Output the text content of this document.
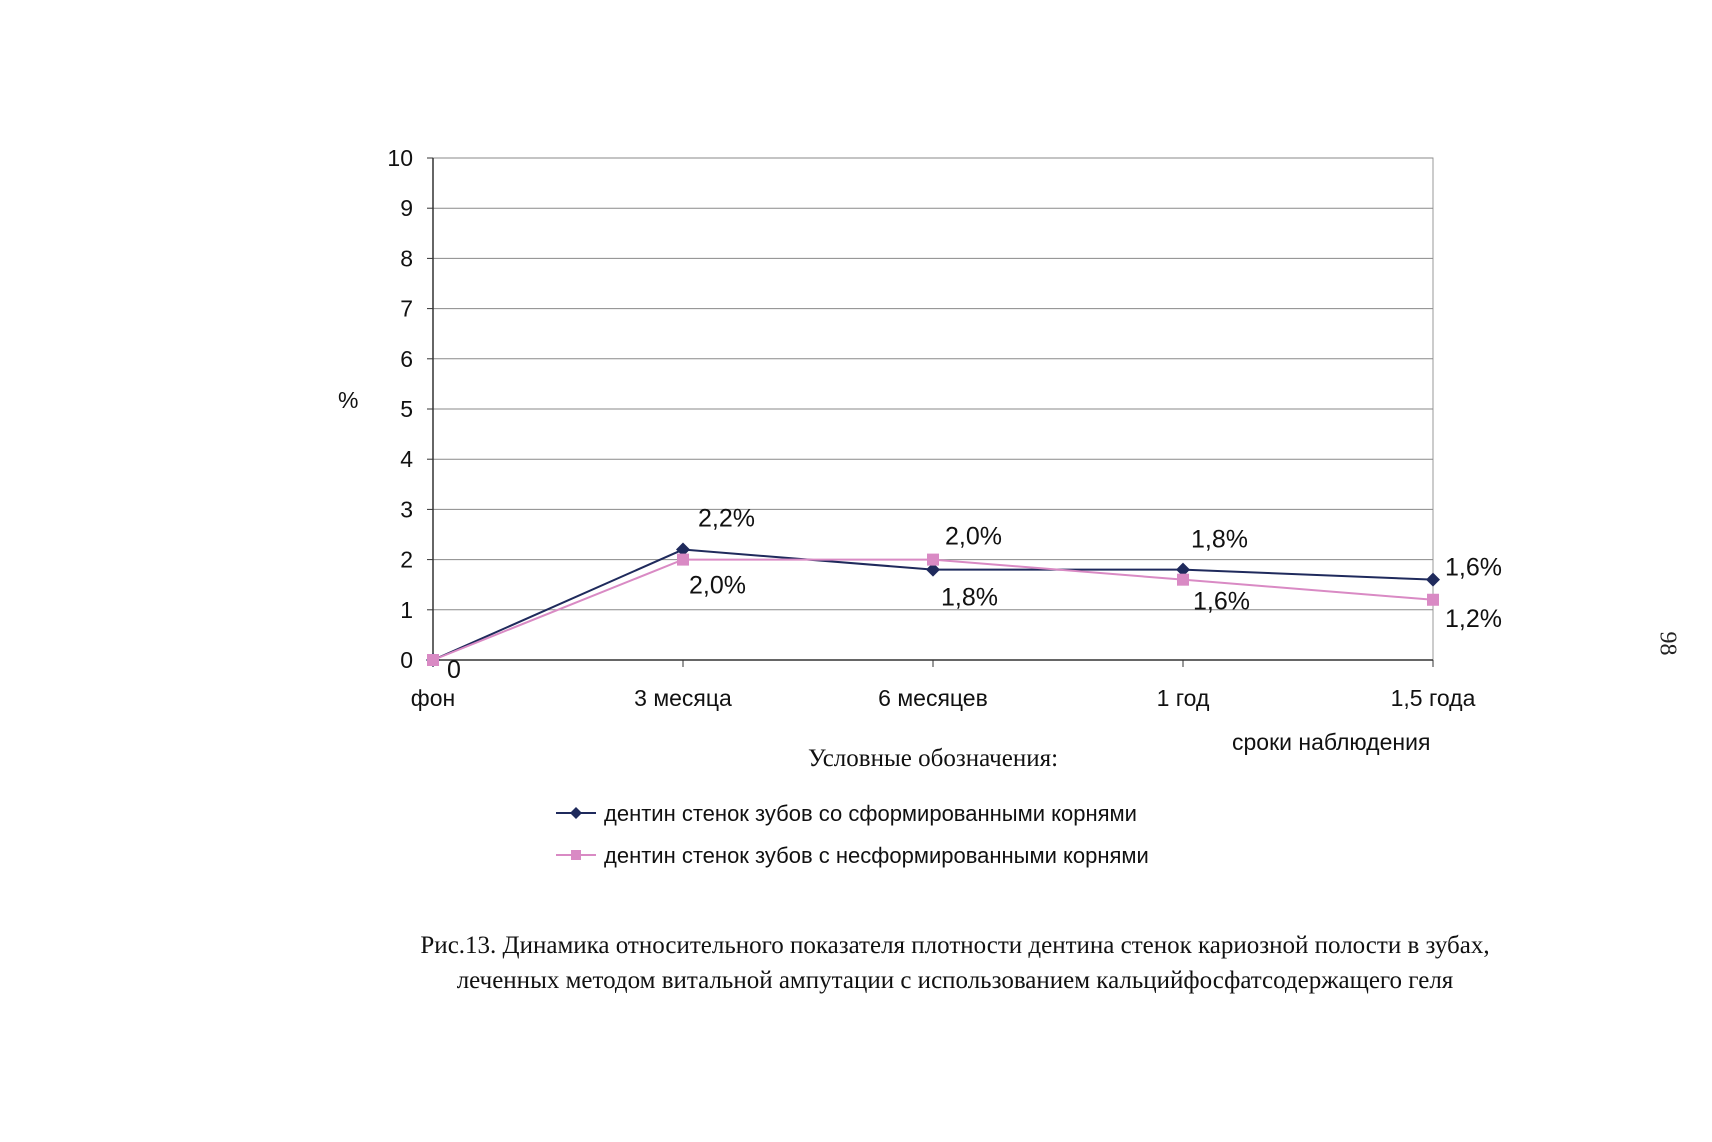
0
1
2
3
4
5
6
7
8
9
10
фон	3 месяца	6 месяцев	1 год	1,5 года
0
2,2%
1,8%
1,8%
1,6%
2,0%
2,0%
1,6%
1,2%
%
сроки наблюдения
Условные обозначения:
дентин стенок зубов со сформированными корнями
дентин стенок зубов с несформированными корнями
Рис.13. Динамика относительного показателя плотности дентина стенок кариозной полости в зубах,
леченных методом витальной ампутации с использованием кальцийфосфатсодержащего геля
98
